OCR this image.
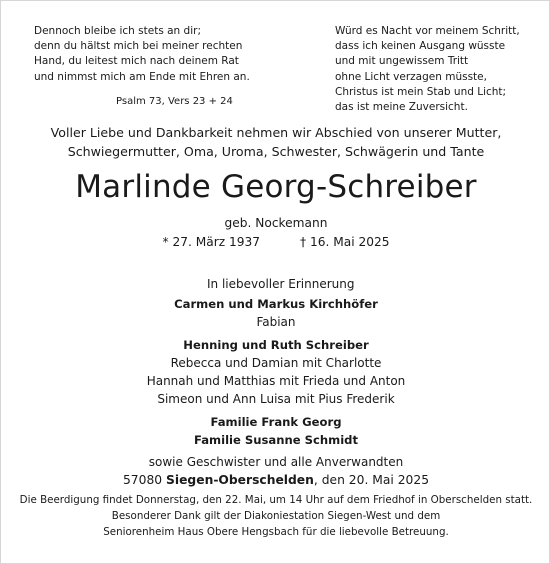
Dennoch bleibe ich stets an dir;
denn du hältst mich bei meiner rechten
Hand, du leitest mich nach deinem Rat
und nimmst mich am Ende mit Ehren an.
Psalm 73, Vers 23 + 24
Würd es Nacht vor meinem Schritt,
dass ich keinen Ausgang wüsste
und mit ungewissem Tritt
ohne Licht verzagen müsste,
Christus ist mein Stab und Licht;
das ist meine Zuversicht.
Voller Liebe und Dankbarkeit nehmen wir Abschied von unserer Mutter,
Schwiegermutter, Oma, Uroma, Schwester, Schwägerin und Tante
Marlinde Georg-Schreiber
geb. Nockemann
* 27. März 1937	† 16. Mai 2025
In liebevoller Erinnerung
Carmen und Markus Kirchhöfer
Fabian
Henning und Ruth Schreiber
Rebecca und Damian mit Charlotte
Hannah und Matthias mit Frieda und Anton
Simeon und Ann Luisa mit Pius Frederik
Familie Frank Georg
Familie Susanne Schmidt
sowie Geschwister und alle Anverwandten
57080 Siegen-Oberschelden, den 20. Mai 2025
Die Beerdigung findet Donnerstag, den 22. Mai, um 14 Uhr auf dem Friedhof in Oberschelden statt.
Besonderer Dank gilt der Diakoniestation Siegen-West und dem
Seniorenheim Haus Obere Hengsbach für die liebevolle Betreuung.
